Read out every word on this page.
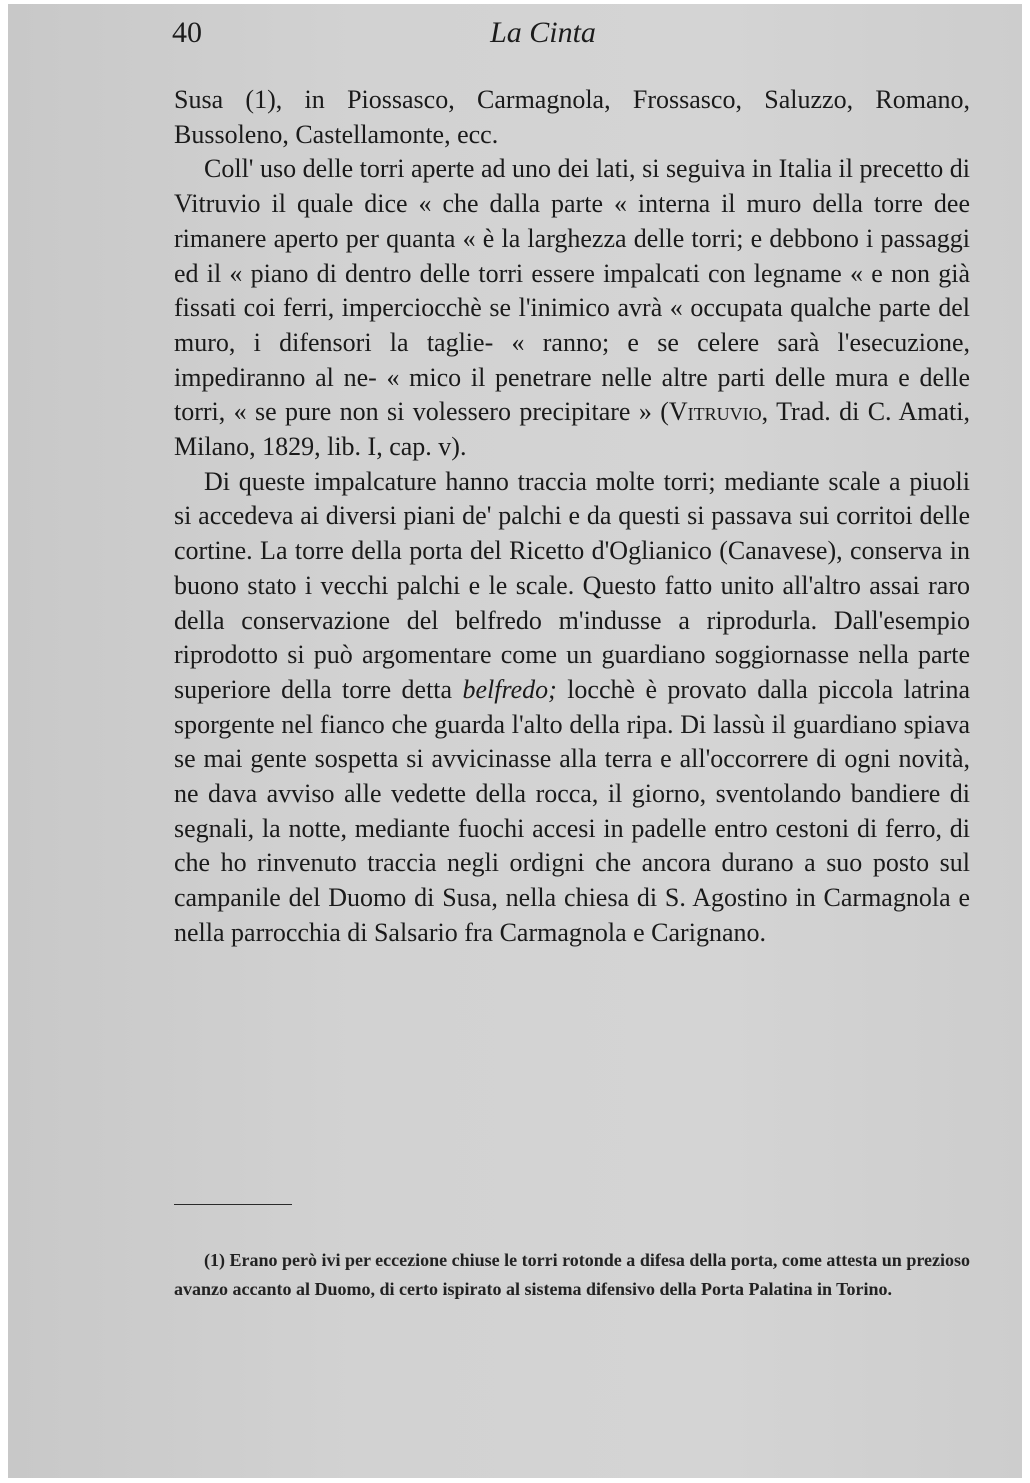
40	La Cinta

Susa (1), in Piossasco, Carmagnola, Frossasco, Saluzzo, Romano, Bussoleno, Castellamonte, ecc.

Coll' uso delle torri aperte ad uno dei lati, si seguiva in Italia il precetto di Vitruvio il quale dice « che dalla parte « interna il muro della torre dee rimanere aperto per quanta « è la larghezza delle torri; e debbono i passaggi ed il « piano di dentro delle torri essere impalcati con legname « e non già fissati coi ferri, imperciocchè se l'inimico avrà « occupata qualche parte del muro, i difensori la taglie- « ranno; e se celere sarà l'esecuzione, impediranno al ne- « mico il penetrare nelle altre parti delle mura e delle torri, « se pure non si volessero precipitare » (Vitruvio, Trad. di C. Amati, Milano, 1829, lib. I, cap. v).

Di queste impalcature hanno traccia molte torri; mediante scale a piuoli si accedeva ai diversi piani de' palchi e da questi si passava sui corritoi delle cortine. La torre della porta del Ricetto d'Oglianico (Canavese), conserva in buono stato i vecchi palchi e le scale. Questo fatto unito all'altro assai raro della conservazione del belfredo m'indusse a riprodurla. Dall'esempio riprodotto si può argomentare come un guardiano soggiornasse nella parte superiore della torre detta belfredo; locchè è provato dalla piccola latrina sporgente nel fianco che guarda l'alto della ripa. Di lassù il guardiano spiava se mai gente sospetta si avvicinasse alla terra e all'occorrere di ogni novità, ne dava avviso alle vedette della rocca, il giorno, sventolando bandiere di segnali, la notte, mediante fuochi accesi in padelle entro cestoni di ferro, di che ho rinvenuto traccia negli ordigni che ancora durano a suo posto sul campanile del Duomo di Susa, nella chiesa di S. Agostino in Carmagnola e nella parrocchia di Salsario fra Carmagnola e Carignano.

(1) Erano però ivi per eccezione chiuse le torri rotonde a difesa della porta, come attesta un prezioso avanzo accanto al Duomo, di certo ispirato al sistema difensivo della Porta Palatina in Torino.
